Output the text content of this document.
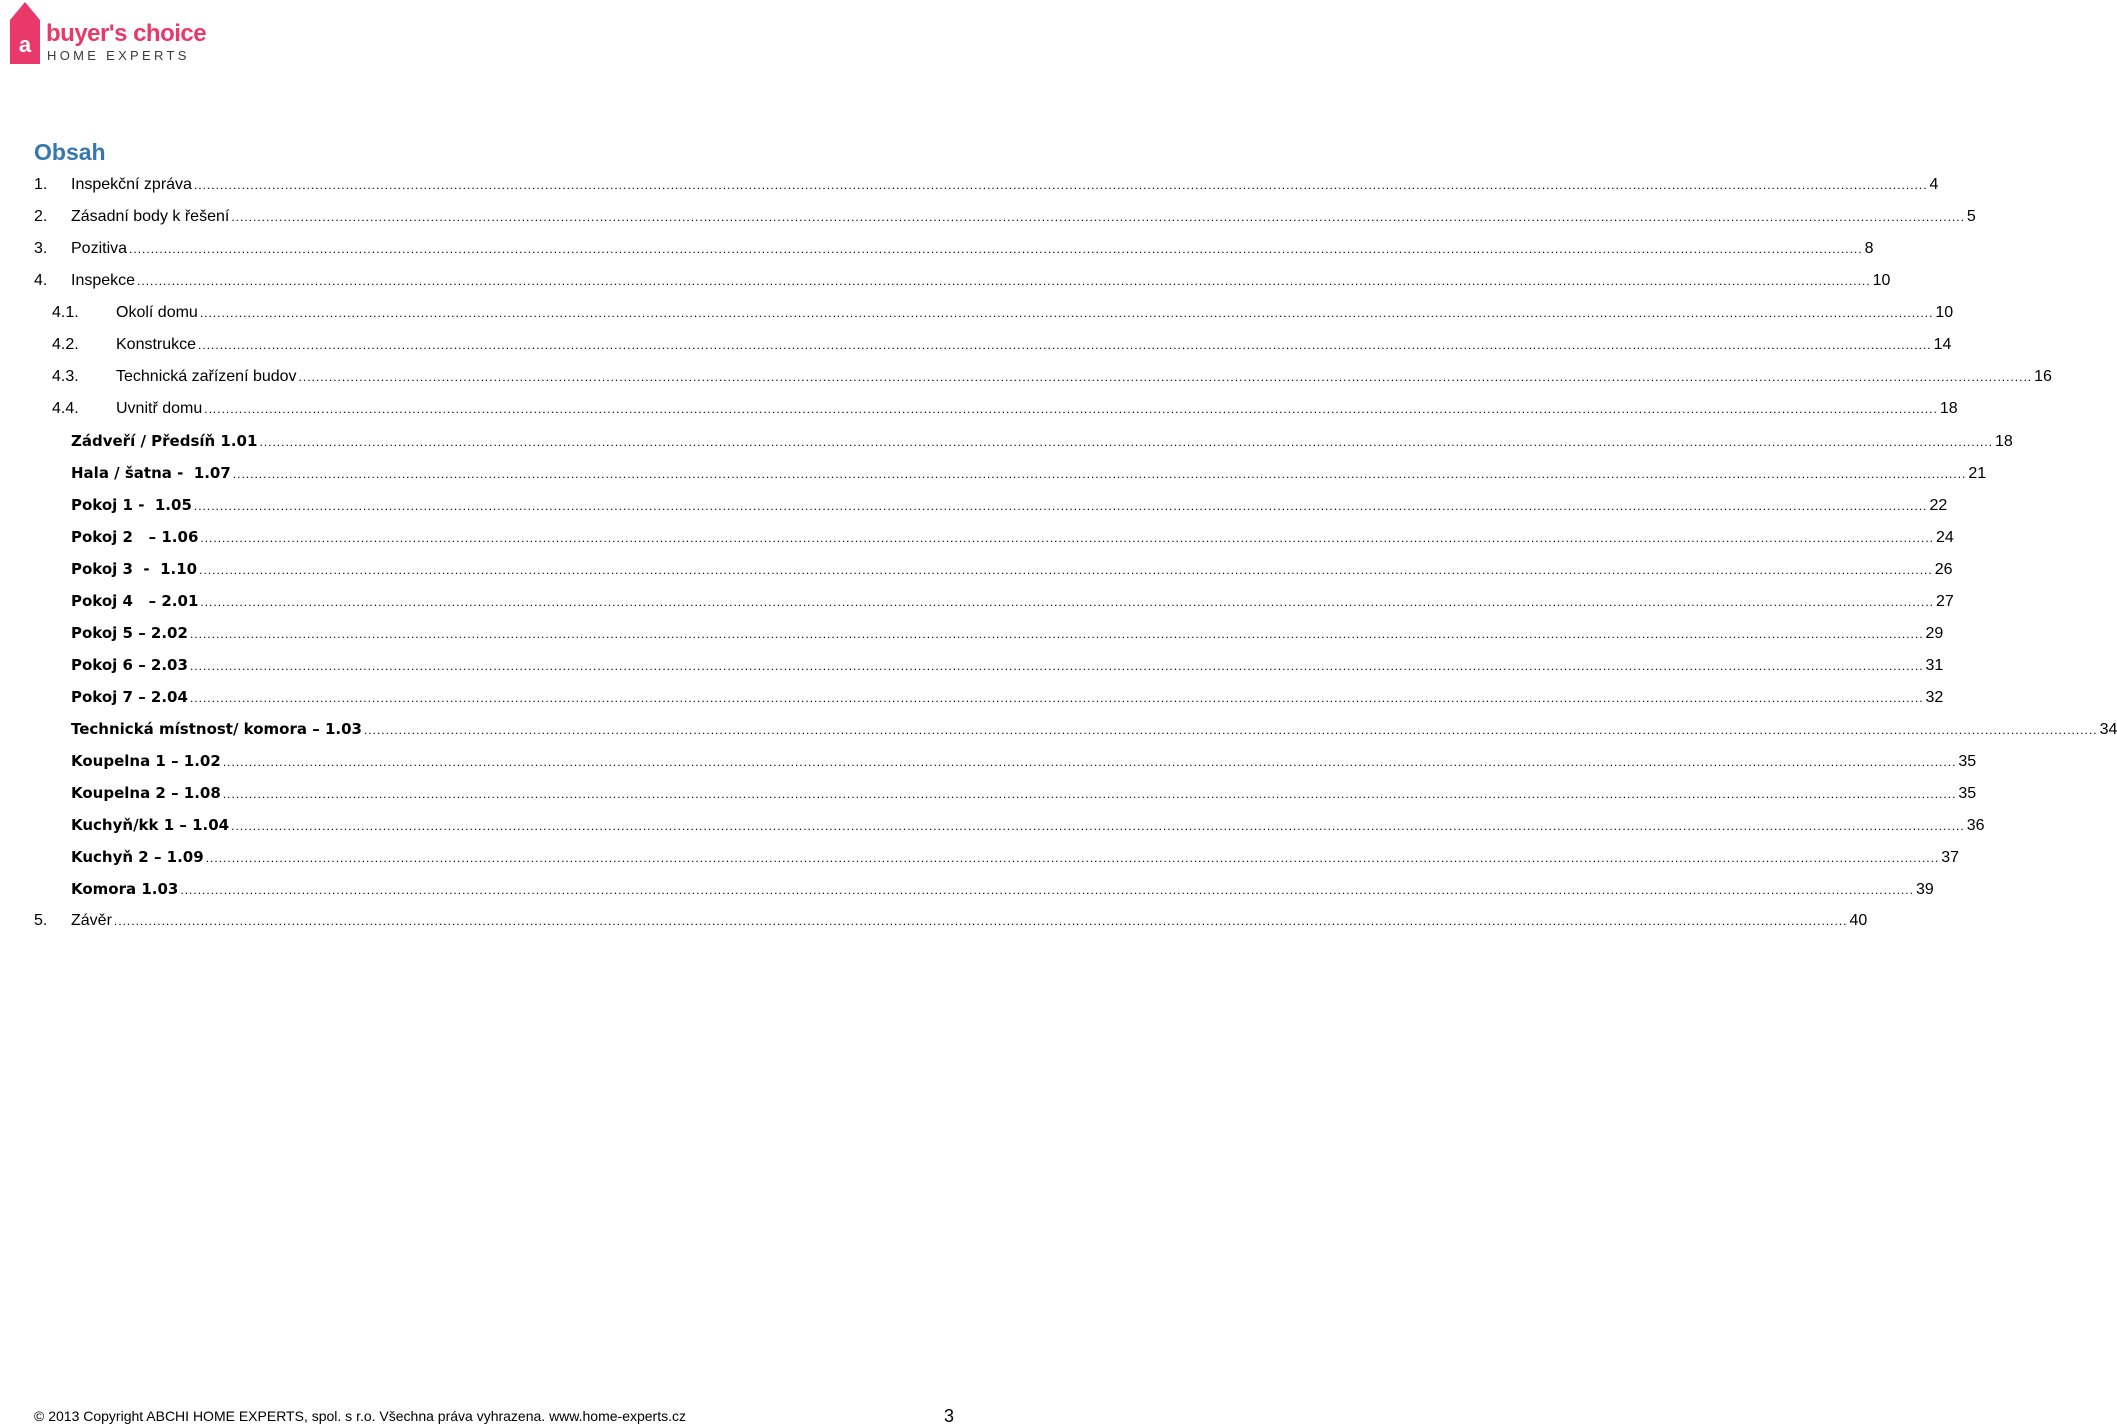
a buyer's choice
HOME EXPERTS
Obsah
1. Inspekční zpráva ................................................................................................................................................................................................................................................................................................................................................................................................................ 4
2. Zásadní body k řešení ................................................................................................................................................................................................................................................................................................................................................................................................................ 5
3. Pozitiva ................................................................................................................................................................................................................................................................................................................................................................................................................ 8
4. Inspekce ................................................................................................................................................................................................................................................................................................................................................................................................................ 10
4.1. Okolí domu ................................................................................................................................................................................................................................................................................................................................................................................................................ 10
4.2. Konstrukce ................................................................................................................................................................................................................................................................................................................................................................................................................ 14
4.3. Technická zařízení budov ................................................................................................................................................................................................................................................................................................................................................................................................................ 16
4.4. Uvnitř domu ................................................................................................................................................................................................................................................................................................................................................................................................................ 18
Zádveří / Předsíň 1.01 ................................................................................................................................................................................................................................................................................................................................................................................................................ 18
Hala / šatna -  1.07 ................................................................................................................................................................................................................................................................................................................................................................................................................ 21
Pokoj 1 -  1.05 ................................................................................................................................................................................................................................................................................................................................................................................................................ 22
Pokoj 2   – 1.06 ................................................................................................................................................................................................................................................................................................................................................................................................................ 24
Pokoj 3  -  1.10 ................................................................................................................................................................................................................................................................................................................................................................................................................ 26
Pokoj 4   – 2.01 ................................................................................................................................................................................................................................................................................................................................................................................................................ 27
Pokoj 5 – 2.02 ................................................................................................................................................................................................................................................................................................................................................................................................................ 29
Pokoj 6 – 2.03 ................................................................................................................................................................................................................................................................................................................................................................................................................ 31
Pokoj 7 – 2.04 ................................................................................................................................................................................................................................................................................................................................................................................................................ 32
Technická místnost/ komora – 1.03 ................................................................................................................................................................................................................................................................................................................................................................................................................ 34
Koupelna 1 – 1.02 ................................................................................................................................................................................................................................................................................................................................................................................................................ 35
Koupelna 2 – 1.08 ................................................................................................................................................................................................................................................................................................................................................................................................................ 35
Kuchyň/kk 1 – 1.04 ................................................................................................................................................................................................................................................................................................................................................................................................................ 36
Kuchyň 2 – 1.09 ................................................................................................................................................................................................................................................................................................................................................................................................................ 37
Komora 1.03 ................................................................................................................................................................................................................................................................................................................................................................................................................ 39
5. Závěr ................................................................................................................................................................................................................................................................................................................................................................................................................ 40
© 2013 Copyright ABCHI HOME EXPERTS, spol. s r.o. Všechna práva vyhrazena. www.home-experts.cz	3
